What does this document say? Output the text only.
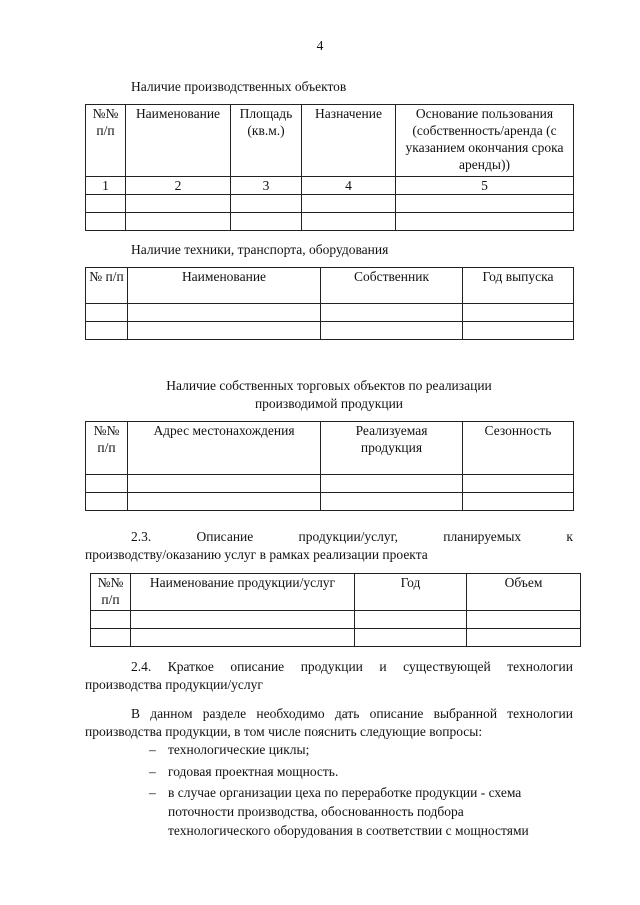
4
Наличие производственных объектов
№№ п/п	Наименование	Площадь (кв.м.)	Назначение	Основание пользования (собственность/аренда (с указанием окончания срока аренды))
1	2	3	4	5

Наличие техники, транспорта, оборудования
№ п/п	Наименование	Собственник	Год выпуска

Наличие собственных торговых объектов по реализации
производимой продукции
№№ п/п	Адрес местонахождения	Реализуемая продукция	Сезонность

2.3.	Описание	продукции/услуг,	планируемых	к
производству/оказанию услуг в рамках реализации проекта
№№ п/п	Наименование продукции/услуг	Год	Объем

2.4. Краткое описание продукции и существующей технологии
производства продукции/услуг
В данном разделе необходимо дать описание выбранной технологии
производства продукции, в том числе пояснить следующие вопросы:
– технологические циклы;
– годовая проектная мощность.
– в случае организации цеха по переработке продукции - схема
поточности производства, обоснованность подбора
технологического оборудования в соответствии с мощностями
